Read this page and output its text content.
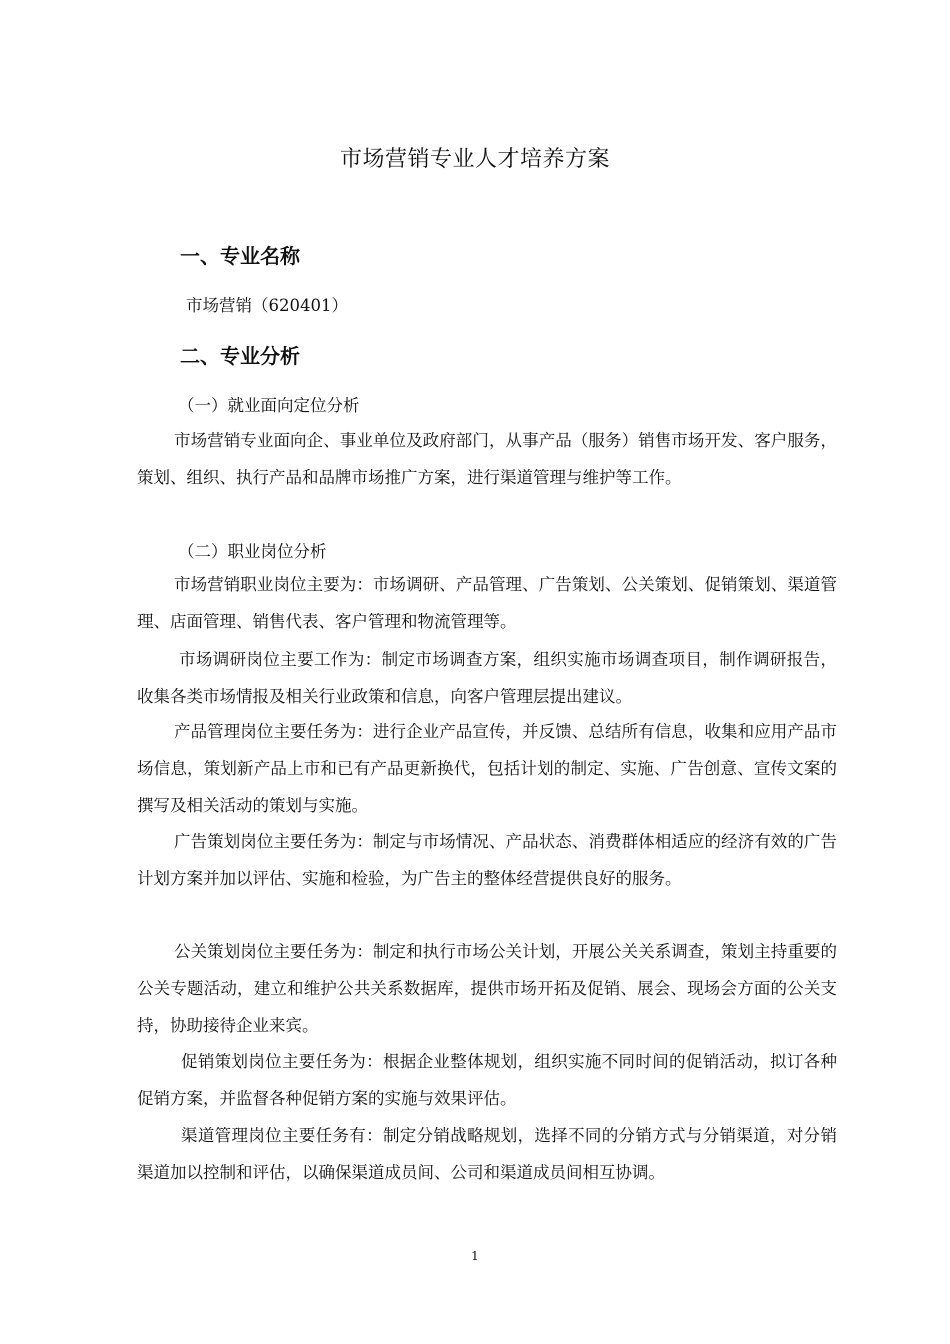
市场营销专业人才培养方案
一、专业名称
市场营销（620401）
二、专业分析
（一）就业面向定位分析

市场营销专业面向企、事业单位及政府部门，从事产品（服务）销售市场开发、客户服务，策划、组织、执行产品和品牌市场推广方案，进行渠道管理与维护等工作。

（二）职业岗位分析

市场营销职业岗位主要为：市场调研、产品管理、广告策划、公关策划、促销策划、渠道管理、店面管理、销售代表、客户管理和物流管理等。

市场调研岗位主要工作为：制定市场调查方案，组织实施市场调查项目，制作调研报告，收集各类市场情报及相关行业政策和信息，向客户管理层提出建议。

产品管理岗位主要任务为：进行企业产品宣传，并反馈、总结所有信息，收集和应用产品市场信息，策划新产品上市和已有产品更新换代，包括计划的制定、实施、广告创意、宣传文案的撰写及相关活动的策划与实施。

广告策划岗位主要任务为：制定与市场情况、产品状态、消费群体相适应的经济有效的广告计划方案并加以评估、实施和检验，为广告主的整体经营提供良好的服务。

公关策划岗位主要任务为：制定和执行市场公关计划，开展公关关系调查，策划主持重要的公关专题活动，建立和维护公共关系数据库，提供市场开拓及促销、展会、现场会方面的公关支持，协助接待企业来宾。

促销策划岗位主要任务为：根据企业整体规划，组织实施不同时间的促销活动，拟订各种促销方案，并监督各种促销方案的实施与效果评估。

渠道管理岗位主要任务有：制定分销战略规划，选择不同的分销方式与分销渠道，对分销渠道加以控制和评估，以确保渠道成员间、公司和渠道成员间相互协调。

1
